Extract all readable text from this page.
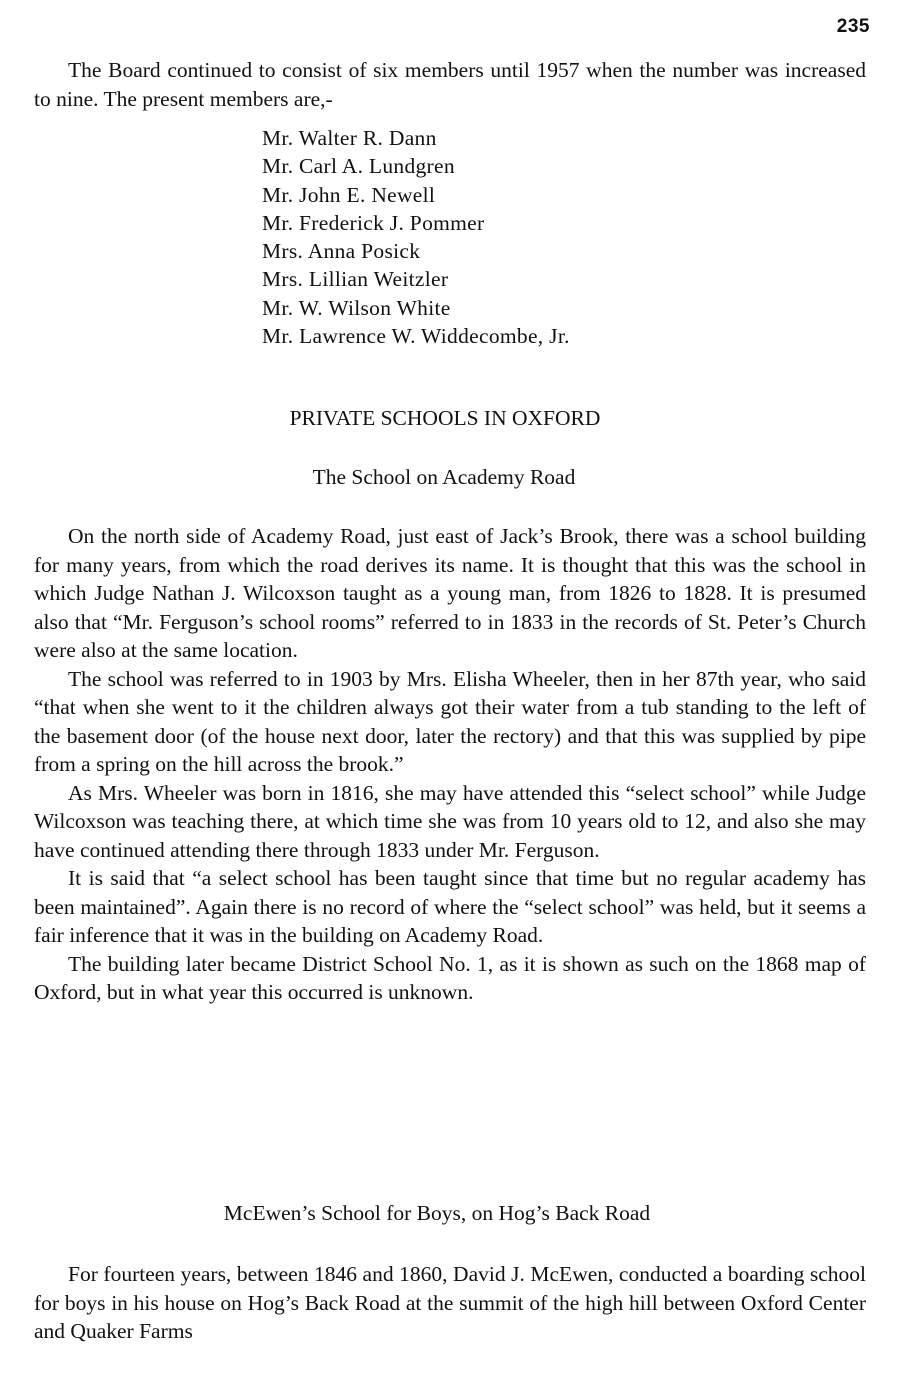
235

The Board continued to consist of six members until 1957 when the number was increased to nine. The present members are,-

Mr. Walter R. Dann
Mr. Carl A. Lundgren
Mr. John E. Newell
Mr. Frederick J. Pommer
Mrs. Anna Posick
Mrs. Lillian Weitzler
Mr. W. Wilson White
Mr. Lawrence W. Widdecombe, Jr.
PRIVATE SCHOOLS IN OXFORD
The School on Academy Road

On the north side of Academy Road, just east of Jack’s Brook, there was a school building for many years, from which the road derives its name. It is thought that this was the school in which Judge Nathan J. Wilcoxson taught as a young man, from 1826 to 1828. It is presumed also that “Mr. Ferguson’s school rooms” referred to in 1833 in the records of St. Peter’s Church were also at the same location.

The school was referred to in 1903 by Mrs. Elisha Wheeler, then in her 87th year, who said “that when she went to it the children always got their water from a tub standing to the left of the basement door (of the house next door, later the rectory) and that this was supplied by pipe from a spring on the hill across the brook.”

As Mrs. Wheeler was born in 1816, she may have attended this “select school” while Judge Wilcoxson was teaching there, at which time she was from 10 years old to 12, and also she may have continued attending there through 1833 under Mr. Ferguson.

It is said that “a select school has been taught since that time but no regular academy has been maintained”. Again there is no record of where the “select school” was held, but it seems a fair inference that it was in the building on Academy Road.

The building later became District School No. 1, as it is shown as such on the 1868 map of Oxford, but in what year this occurred is unknown.

McEwen’s School for Boys, on Hog’s Back Road

For fourteen years, between 1846 and 1860, David J. McEwen, conducted a boarding school for boys in his house on Hog’s Back Road at the summit of the high hill between Oxford Center and Quaker Farms
